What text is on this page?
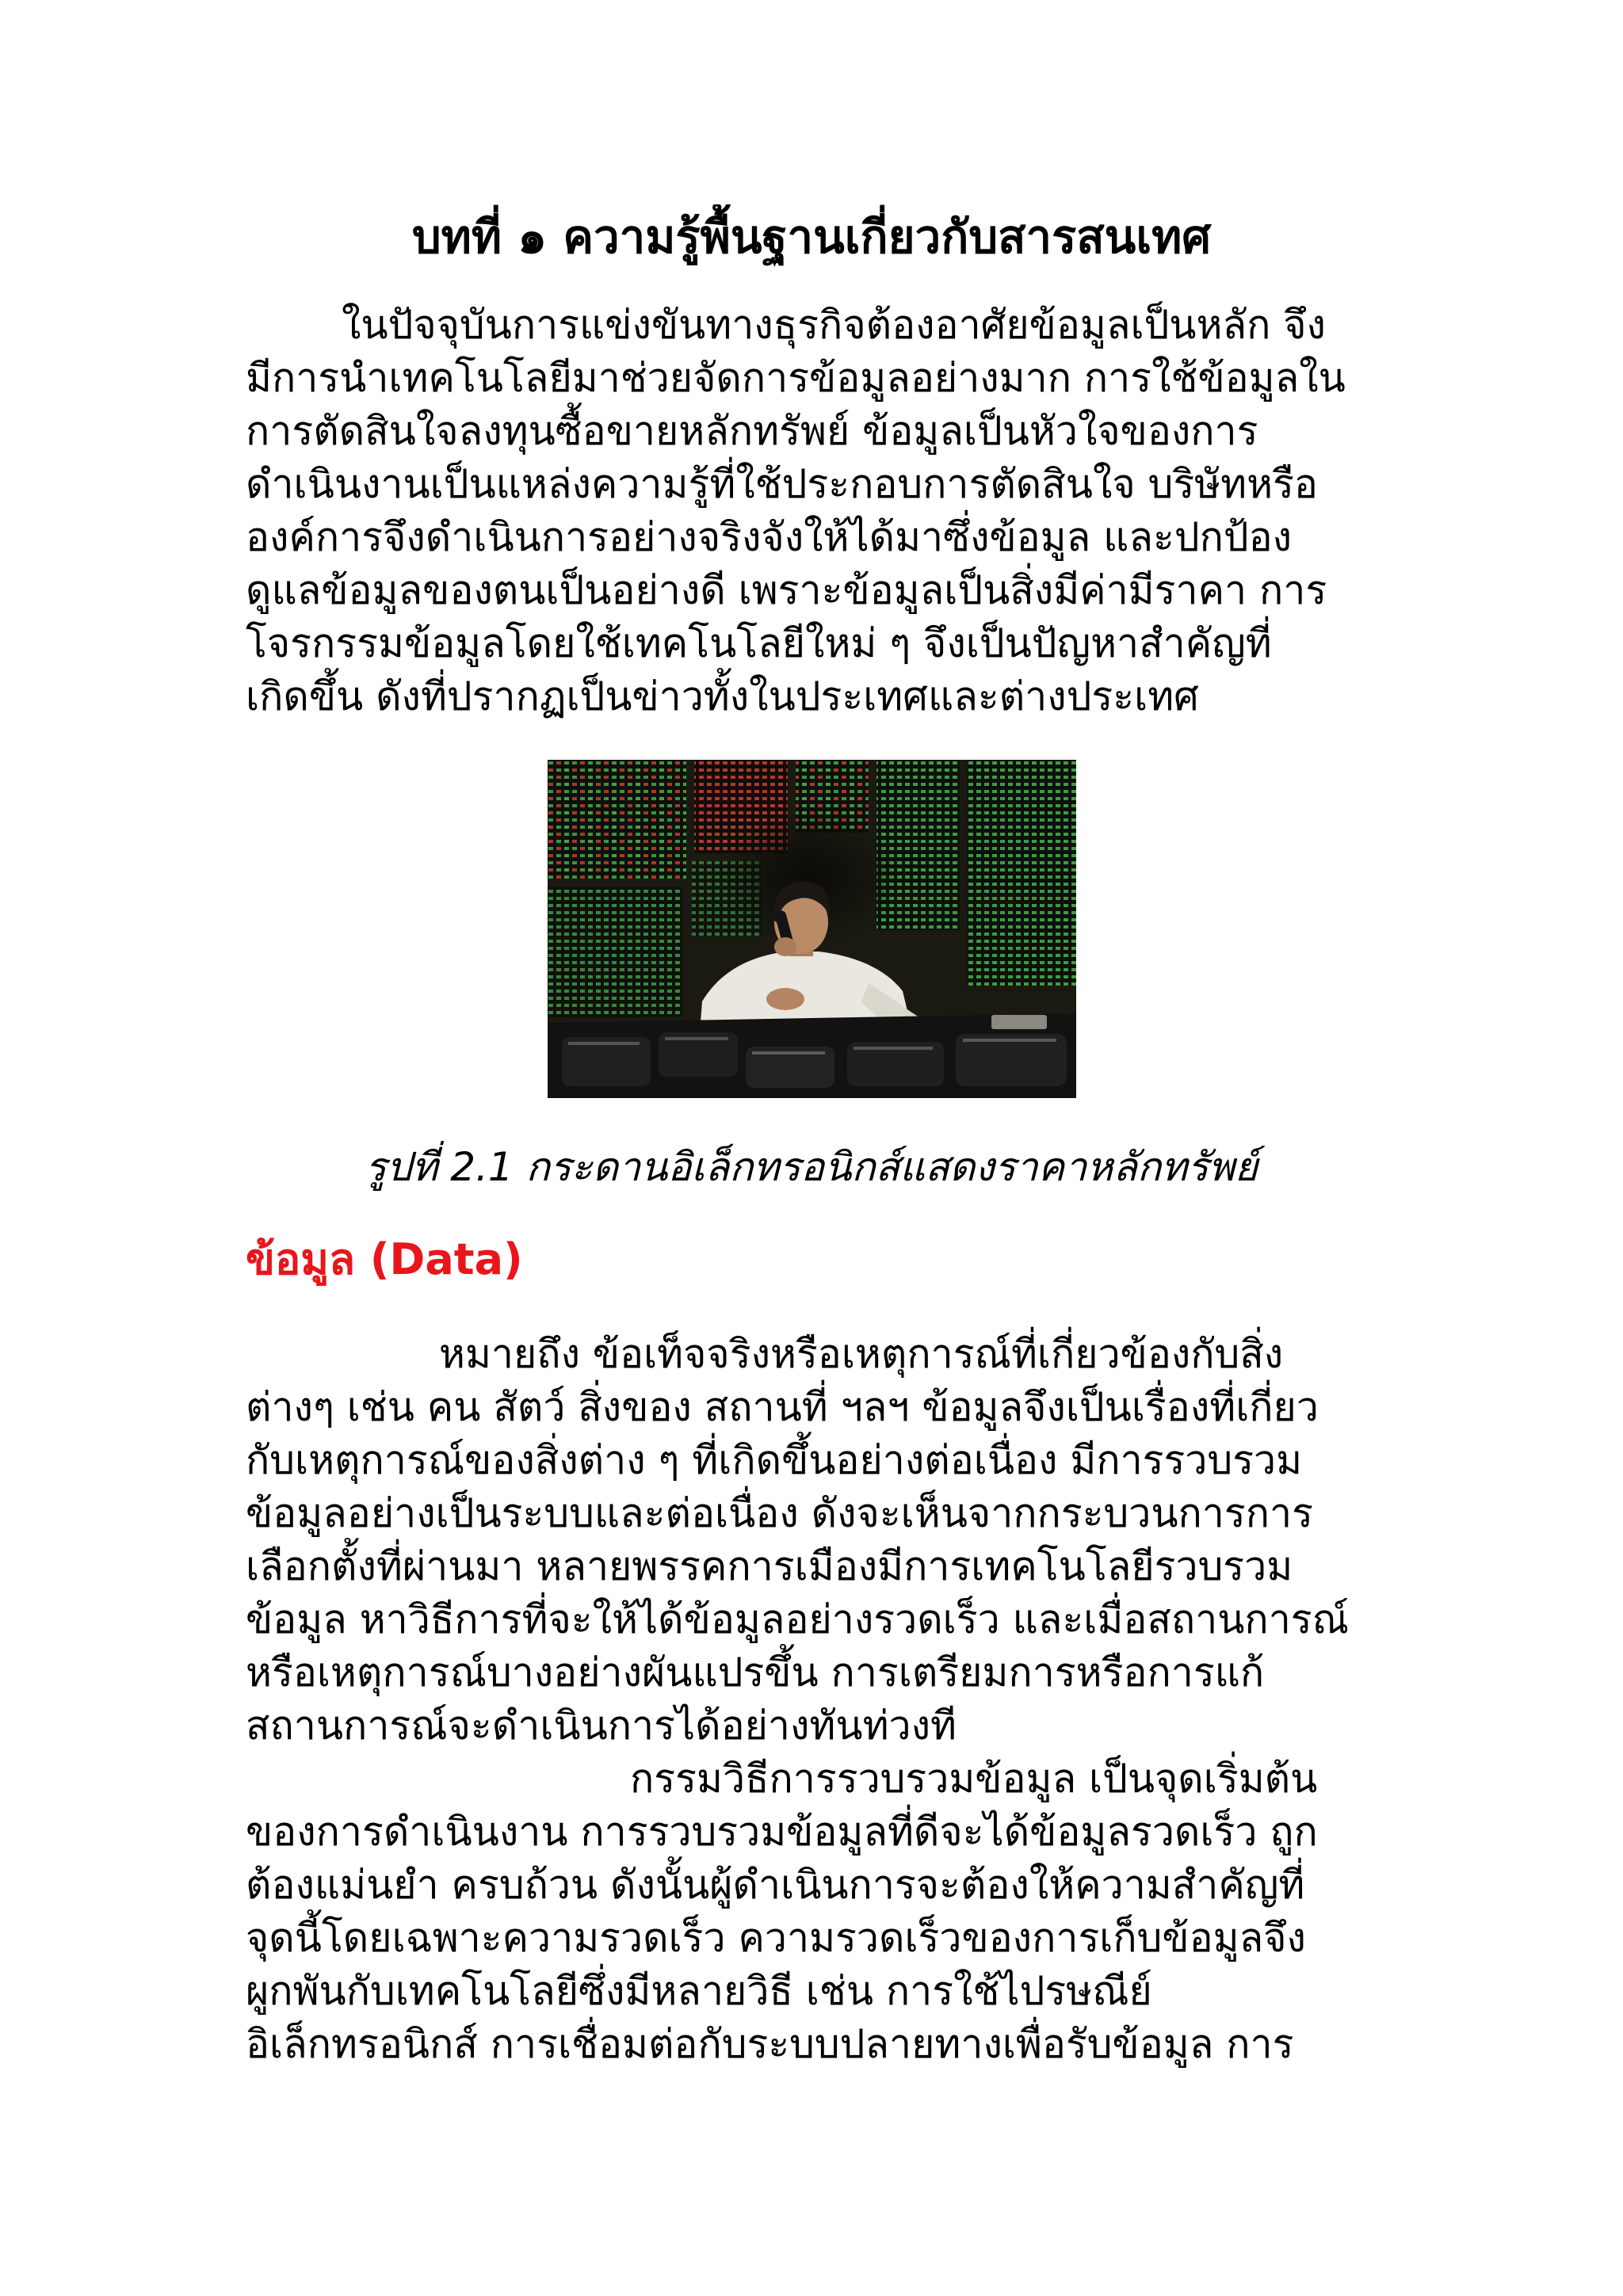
บทที่ ๑ ความรู้พื้นฐานเกี่ยวกับสารสนเทศ
ในปัจจุบันการแข่งขันทางธุรกิจต้องอาศัยข้อมูลเป็นหลัก จึง
มีการนำเทคโนโลยีมาช่วยจัดการข้อมูลอย่างมาก การใช้ข้อมูลใน
การตัดสินใจลงทุนซื้อขายหลักทรัพย์ ข้อมูลเป็นหัวใจของการ
ดำเนินงานเป็นแหล่งความรู้ที่ใช้ประกอบการตัดสินใจ บริษัทหรือ
องค์การจึงดำเนินการอย่างจริงจังให้ได้มาซึ่งข้อมูล และปกป้อง
ดูแลข้อมูลของตนเป็นอย่างดี เพราะข้อมูลเป็นสิ่งมีค่ามีราคา การ
โจรกรรมข้อมูลโดยใช้เทคโนโลยีใหม่ ๆ จึงเป็นปัญหาสำคัญที่
เกิดขึ้น ดังที่ปรากฏเป็นข่าวทั้งในประเทศและต่างประเทศ
รูปที่ 2.1 กระดานอิเล็กทรอนิกส์แสดงราคาหลักทรัพย์
ข้อมูล (Data)
หมายถึง ข้อเท็จจริงหรือเหตุการณ์ที่เกี่ยวข้องกับสิ่ง
ต่างๆ เช่น คน สัตว์ สิ่งของ สถานที่ ฯลฯ ข้อมูลจึงเป็นเรื่องที่เกี่ยว
กับเหตุการณ์ของสิ่งต่าง ๆ ที่เกิดขึ้นอย่างต่อเนื่อง มีการรวบรวม
ข้อมูลอย่างเป็นระบบและต่อเนื่อง ดังจะเห็นจากกระบวนการการ
เลือกตั้งที่ผ่านมา หลายพรรคการเมืองมีการเทคโนโลยีรวบรวม
ข้อมูล หาวิธีการที่จะให้ได้ข้อมูลอย่างรวดเร็ว และเมื่อสถานการณ์
หรือเหตุการณ์บางอย่างผันแปรขึ้น การเตรียมการหรือการแก้
สถานการณ์จะดำเนินการได้อย่างทันท่วงที
กรรมวิธีการรวบรวมข้อมูล เป็นจุดเริ่มต้น
ของการดำเนินงาน การรวบรวมข้อมูลที่ดีจะได้ข้อมูลรวดเร็ว ถูก
ต้องแม่นยำ ครบถ้วน ดังนั้นผู้ดำเนินการจะต้องให้ความสำคัญที่
จุดนี้โดยเฉพาะความรวดเร็ว ความรวดเร็วของการเก็บข้อมูลจึง
ผูกพันกับเทคโนโลยีซึ่งมีหลายวิธี เช่น การใช้ไปรษณีย์
อิเล็กทรอนิกส์ การเชื่อมต่อกับระบบปลายทางเพื่อรับข้อมูล การ
